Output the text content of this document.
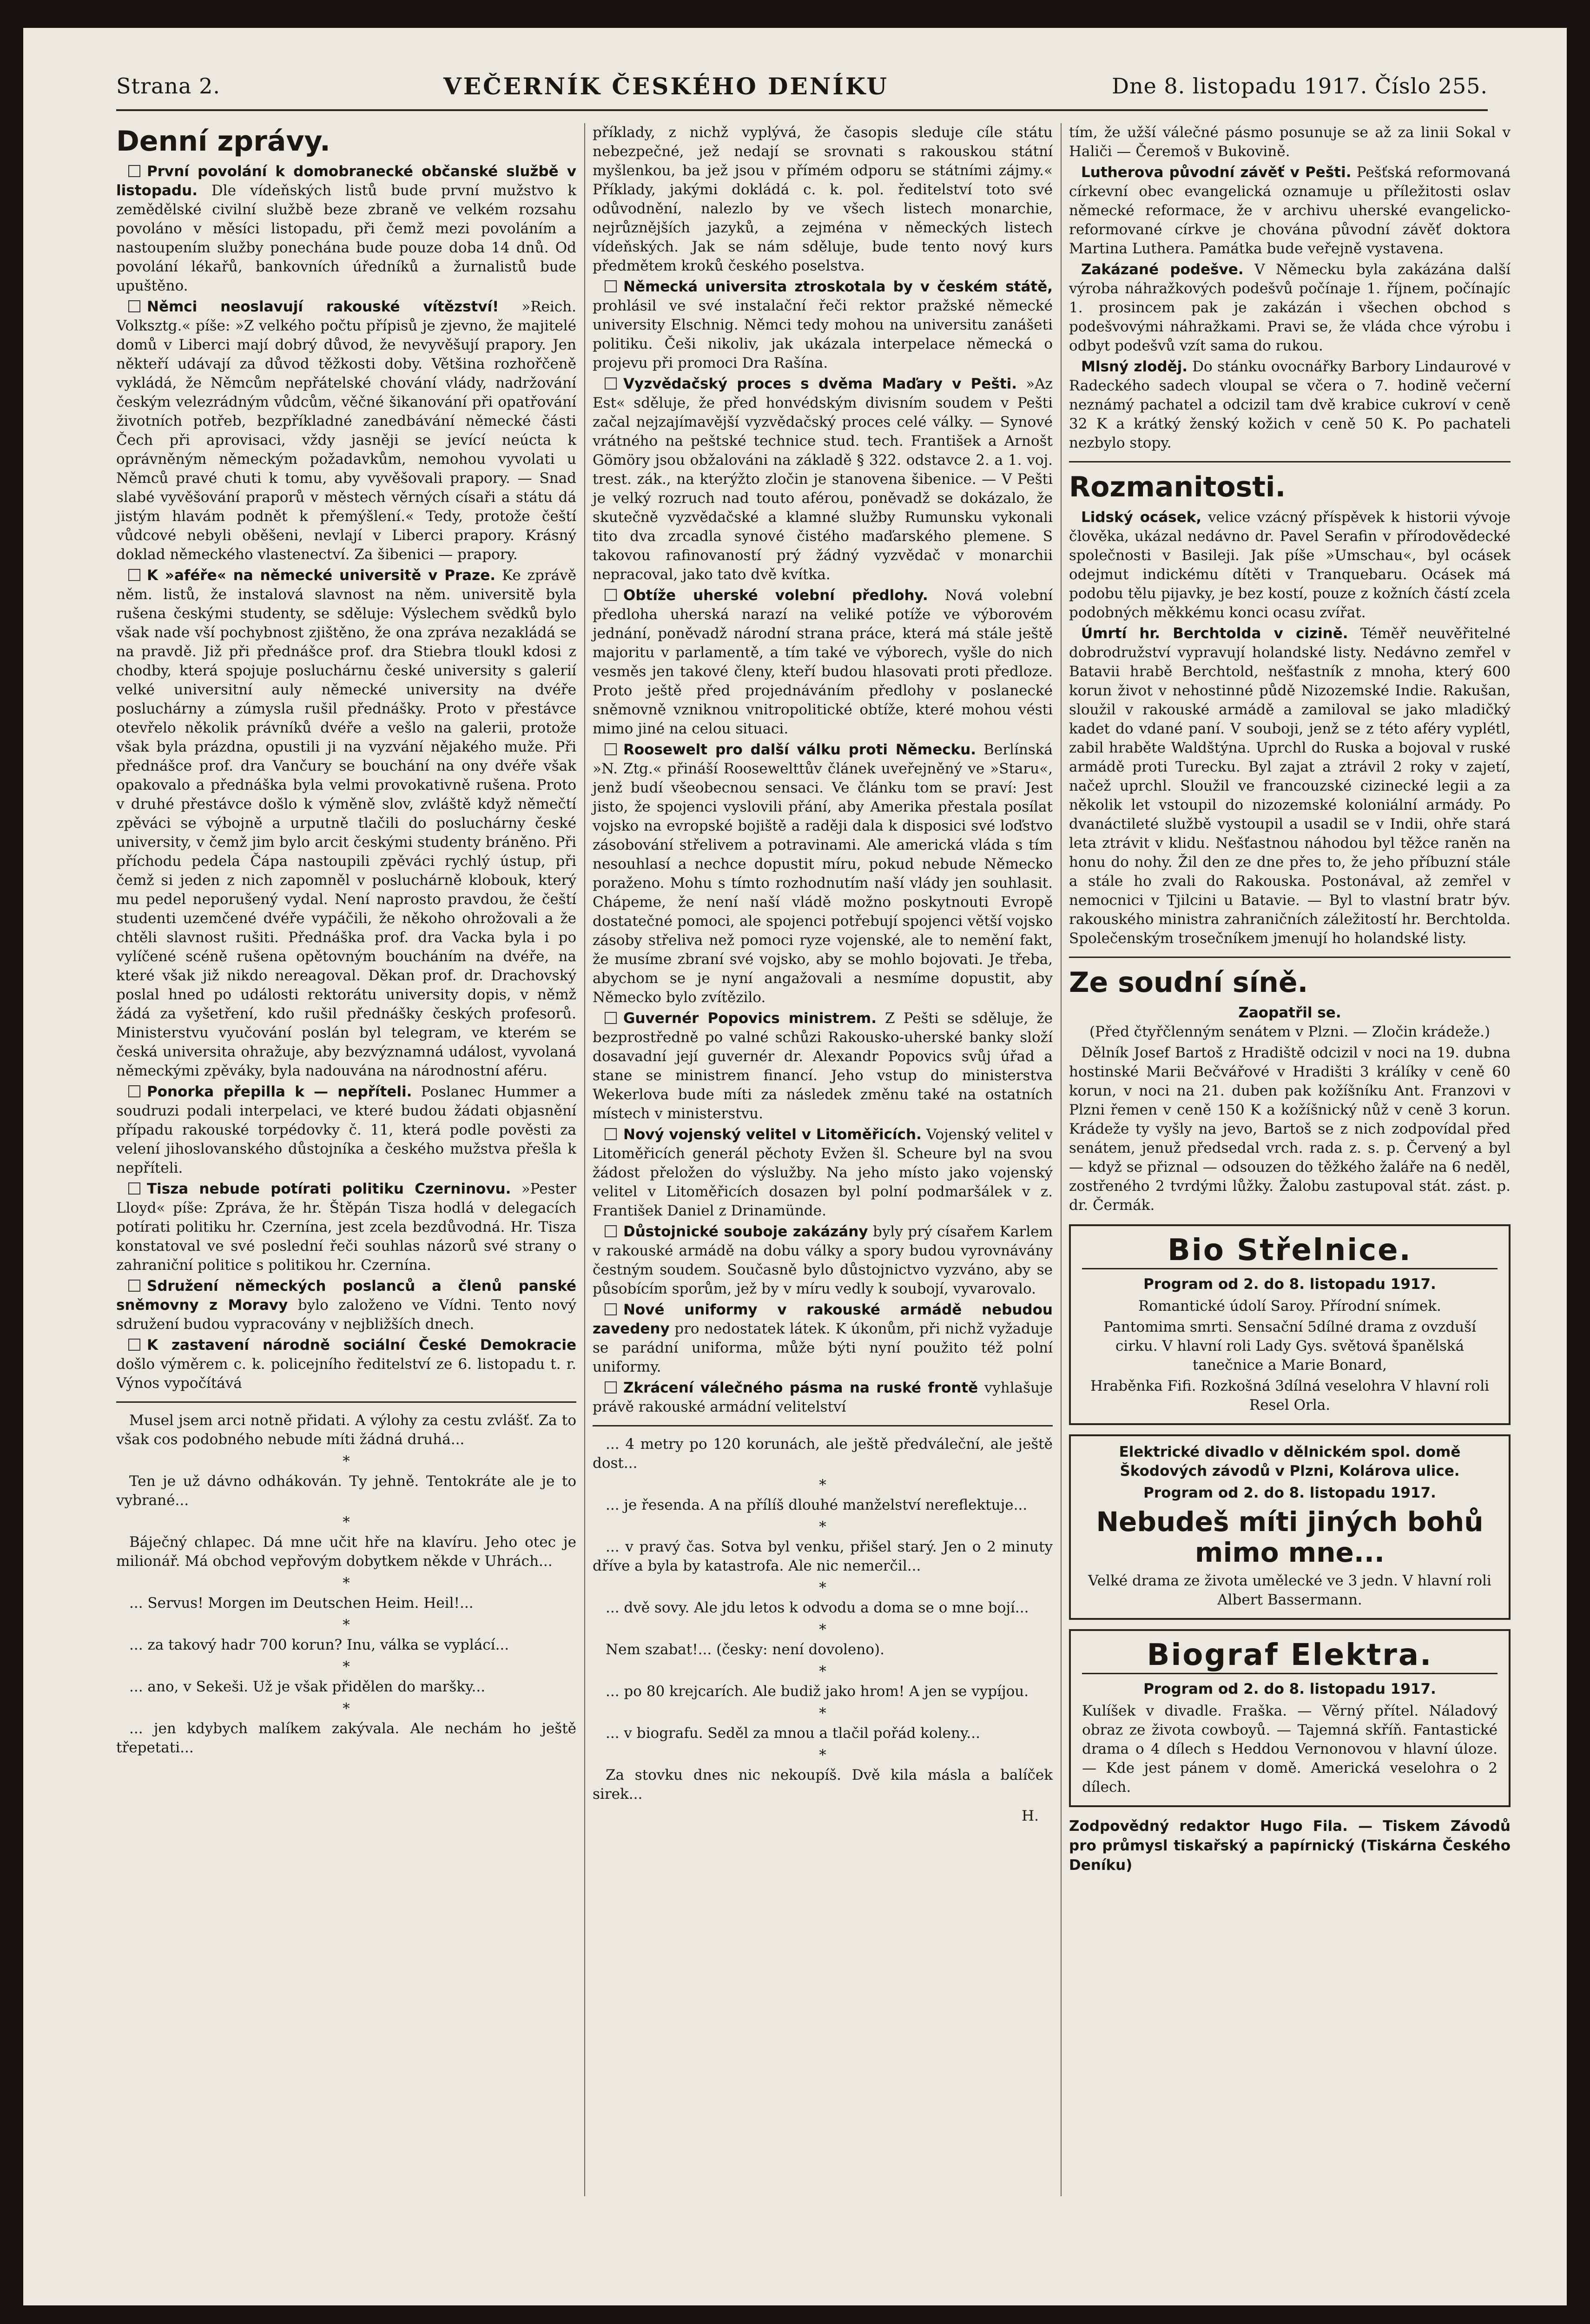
Strana 2.	VEČERNÍK ČESKÉHO DENÍKU	Dne 8. listopadu 1917. Číslo 255.
Denní zprávy.

První povolání k domobranecké občanské službě v listopadu. Dle vídeňských listů bude první mužstvo k zemědělské civilní službě beze zbraně ve velkém rozsahu povoláno v měsíci listopadu, při čemž mezi povoláním a nastoupením služby ponechána bude pouze doba 14 dnů. Od povolání lékařů, bankovních úředníků a žurnalistů bude upuštěno.

Němci neoslavují rakouské vítězství! »Reich. Volksztg.« píše: »Z velkého počtu přípisů je zjevno, že majitelé domů v Liberci mají dobrý důvod, že nevyvěšují prapory. Jen někteří udávají za důvod těžkosti doby. Většina rozhořčeně vykládá, že Němcům nepřátelské chování vlády, nadržování českým velezrádným vůdcům, věčné šikanování při opatřování životních potřeb, bezpříkladné zanedbávání německé části Čech při aprovisaci, vždy jasněji se jevící neúcta k oprávněným německým požadavkům, nemohou vyvolati u Němců pravé chuti k tomu, aby vyvěšovali prapory. — Snad slabé vyvěšování praporů v městech věrných císaři a státu dá jistým hlavám podnět k přemýšlení.« Tedy, protože čeští vůdcové nebyli oběšeni, nevlají v Liberci prapory. Krásný doklad německého vlastenectví. Za šibenici — prapory.

K »aféře« na německé universitě v Praze. Ke zprávě něm. listů, že instalová slavnost na něm. universitě byla rušena českými studenty, se sděluje: Výslechem svědků bylo však nade vší pochybnost zjištěno, že ona zpráva nezakládá se na pravdě. Již při přednášce prof. dra Stiebra tloukl kdosi z chodby, která spojuje posluchárnu české university s galerií velké universitní auly německé university na dvéře posluchárny a zúmysla rušil přednášky. Proto v přestávce otevřelo několik právníků dvéře a vešlo na galerii, protože však byla prázdna, opustili ji na vyzvání nějakého muže. Při přednášce prof. dra Vančury se bouchání na ony dvéře však opakovalo a přednáška byla velmi provokativně rušena. Proto v druhé přestávce došlo k výměně slov, zvláště když němečtí zpěváci se výbojně a urputně tlačili do posluchárny české university, v čemž jim bylo arcit českými studenty bráněno. Při příchodu pedela Čápa nastoupili zpěváci rychlý ústup, při čemž si jeden z nich zapomněl v posluchárně klobouk, který mu pedel neporušený vydal. Není naprosto pravdou, že čeští studenti uzemčené dvéře vypáčili, že někoho ohrožovali a že chtěli slavnost rušiti. Přednáška prof. dra Vacka byla i po vylíčené scéně rušena opětovným boucháním na dvéře, na které však již nikdo nereagoval. Děkan prof. dr. Drachovský poslal hned po události rektorátu university dopis, v němž žádá za vyšetření, kdo rušil přednášky českých profesorů. Ministerstvu vyučování poslán byl telegram, ve kterém se česká universita ohražuje, aby bezvýznamná událost, vyvolaná německými zpěváky, byla nadouvána na národnostní aféru.

Ponorka přepilla k — nepříteli. Poslanec Hummer a soudruzi podali interpelaci, ve které budou žádati objasnění případu rakouské torpédovky č. 11, která podle pověsti za velení jihoslovanského důstojníka a českého mužstva přešla k nepříteli.

Tisza nebude potírati politiku Czerninovu. »Pester Lloyd« píše: Zpráva, že hr. Štěpán Tisza hodlá v delegacích potírati politiku hr. Czernína, jest zcela bezdůvodná. Hr. Tisza konstatoval ve své poslední řeči souhlas názorů své strany o zahraniční politice s politikou hr. Czernína.

Sdružení německých poslanců a členů panské sněmovny z Moravy bylo založeno ve Vídni. Tento nový sdružení budou vypracovány v nejbližších dnech.

K zastavení národně sociální České Demokracie došlo výměrem c. k. policejního ředitelství ze 6. listopadu t. r. Výnos vypočítává

Musel jsem arci notně přidati. A výlohy za cestu zvlášť. Za to však cos podobného nebude míti žádná druhá...

*

Ten je už dávno odhákován. Ty jehně. Tentokráte ale je to vybrané...

*

Báječný chlapec. Dá mne učit hře na klavíru. Jeho otec je milionář. Má obchod vepřovým dobytkem někde v Uhrách...

*

... Servus! Morgen im Deutschen Heim. Heil!...

*

... za takový hadr 700 korun? Inu, válka se vyplácí...

*

... ano, v Sekeši. Už je však přidělen do maršky...

*

... jen kdybych malíkem zakývala. Ale nechám ho ještě třepetati...

příklady, z nichž vyplývá, že časopis sleduje cíle státu nebezpečné, jež nedají se srovnati s rakouskou státní myšlenkou, ba jež jsou v přímém odporu se státními zájmy.« Příklady, jakými dokládá c. k. pol. ředitelství toto své odůvodnění, nalezlo by ve všech listech monarchie, nejrůznějších jazyků, a zejména v německých listech vídeňských. Jak se nám sděluje, bude tento nový kurs předmětem kroků českého poselstva.

Německá universita ztroskotala by v českém státě, prohlásil ve své instalační řeči rektor pražské německé university Elschnig. Němci tedy mohou na universitu zanášeti politiku. Češi nikoliv, jak ukázala interpelace německá o projevu při promoci Dra Rašína.

Vyzvědačský proces s dvěma Maďary v Pešti. »Az Est« sděluje, že před honvédským divisním soudem v Pešti začal nejzajímavější vyzvědačský proces celé války. — Synové vrátného na peštské technice stud. tech. František a Arnošt Gömöry jsou obžalováni na základě § 322. odstavce 2. a 1. voj. trest. zák., na kterýžto zločin je stanovena šibenice. — V Pešti je velký rozruch nad touto aférou, poněvadž se dokázalo, že skutečně vyzvědačské a klamné služby Rumunsku vykonali tito dva zrcadla synové čistého maďarského plemene. S takovou rafinovaností prý žádný vyzvědač v monarchii nepracoval, jako tato dvě kvítka.

Obtíže uherské volební předlohy. Nová volební předloha uherská narazí na veliké potíže ve výborovém jednání, poněvadž národní strana práce, která má stále ještě majoritu v parlamentě, a tím také ve výborech, vyšle do nich vesměs jen takové členy, kteří budou hlasovati proti předloze. Proto ještě před projednáváním předlohy v poslanecké sněmovně vzniknou vnitropolitické obtíže, které mohou vésti mimo jiné na celou situaci.

Roosewelt pro další válku proti Německu. Berlínská »N. Ztg.« přináší Roosewelttův článek uveřejněný ve »Staru«, jenž budí všeobecnou sensaci. Ve článku tom se praví: Jest jisto, že spojenci vyslovili přání, aby Amerika přestala posílat vojsko na evropské bojiště a raději dala k disposici své loďstvo zásobování střelivem a potravinami. Ale americká vláda s tím nesouhlasí a nechce dopustit míru, pokud nebude Německo poraženo. Mohu s tímto rozhodnutím naší vlády jen souhlasit. Chápeme, že není naší vládě možno poskytnouti Evropě dostatečné pomoci, ale spojenci potřebují spojenci větší vojsko zásoby střeliva než pomoci ryze vojenské, ale to nemění fakt, že musíme zbraní své vojsko, aby se mohlo bojovati. Je třeba, abychom se je nyní angažovali a nesmíme dopustit, aby Německo bylo zvítězilo.

Guvernér Popovics ministrem. Z Pešti se sděluje, že bezprostředně po valné schůzi Rakousko-uherské banky složí dosavadní její guvernér dr. Alexandr Popovics svůj úřad a stane se ministrem financí. Jeho vstup do ministerstva Wekerlova bude míti za následek změnu také na ostatních místech v ministerstvu.

Nový vojenský velitel v Litoměřicích. Vojenský velitel v Litoměřicích generál pěchoty Evžen šl. Scheure byl na svou žádost přeložen do výslužby. Na jeho místo jako vojenský velitel v Litoměřicích dosazen byl polní podmaršálek v z. František Daniel z Drinamünde.

Důstojnické souboje zakázány byly prý císařem Karlem v rakouské armádě na dobu války a spory budou vyrovnávány čestným soudem. Současně bylo důstojnictvo vyzváno, aby se působícím sporům, jež by v míru vedly k soubojí, vyvarovalo.

Nové uniformy v rakouské armádě nebudou zavedeny pro nedostatek látek. K úkonům, při nichž vyžaduje se parádní uniforma, může býti nyní použito též polní uniformy.

Zkrácení válečného pásma na ruské frontě vyhlašuje právě rakouské armádní velitelství

... 4 metry po 120 korunách, ale ještě předváleční, ale ještě dost...

*

... je řesenda. A na přílíš dlouhé manželství nereflektuje...

*

... v pravý čas. Sotva byl venku, přišel starý. Jen o 2 minuty dříve a byla by katastrofa. Ale nic nemerčil...

*

... dvě sovy. Ale jdu letos k odvodu a doma se o mne bojí...

*

Nem szabat!... (česky: není dovoleno).

*

... po 80 krejcarích. Ale budiž jako hrom! A jen se vypíjou.

*

... v biografu. Seděl za mnou a tlačil pořád koleny...

*

Za stovku dnes nic nekoupíš. Dvě kila másla a balíček sirek...

H.

tím, že užší válečné pásmo posunuje se až za linii Sokal v Haliči — Čeremoš v Bukovině.

Lutherova původní závěť v Pešti. Pešťská reformovaná církevní obec evangelická oznamuje u příležitosti oslav německé reformace, že v archivu uherské evangelicko-reformované církve je chována původní závěť doktora Martina Luthera. Památka bude veřejně vystavena.

Zakázané podešve. V Německu byla zakázána další výroba náhražkových podešvů počínaje 1. říjnem, počínajíc 1. prosincem pak je zakázán i všechen obchod s podešvovými náhražkami. Pravi se, že vláda chce výrobu i odbyt podešvů vzít sama do rukou.

Mlsný zloděj. Do stánku ovocnářky Barbory Lindaurové v Radeckého sadech vloupal se včera o 7. hodině večerní neznámý pachatel a odcizil tam dvě krabice cukroví v ceně 32 K a krátký ženský kožich v ceně 50 K. Po pachateli nezbylo stopy.

Rozmanitosti.

Lidský ocásek, velice vzácný příspěvek k historii vývoje člověka, ukázal nedávno dr. Pavel Serafin v přírodovědecké společnosti v Basileji. Jak píše »Umschau«, byl ocásek odejmut indickému dítěti v Tranquebaru. Ocásek má podobu tělu pijavky, je bez kostí, pouze z kožních částí zcela podobných měkkému konci ocasu zvířat.

Úmrtí hr. Berchtolda v cizině. Téměř neuvěřitelné dobrodružství vypravují holandské listy. Nedávno zemřel v Batavii hrabě Berchtold, nešťastník z mnoha, který 600 korun život v nehostinné půdě Nizozemské Indie. Rakušan, sloužil v rakouské armádě a zamiloval se jako mladičký kadet do vdané paní. V souboji, jenž se z této aféry vyplétl, zabil hraběte Waldštýna. Uprchl do Ruska a bojoval v ruské armádě proti Turecku. Byl zajat a ztrávil 2 roky v zajetí, načež uprchl. Sloužil ve francouzské cizinecké legii a za několik let vstoupil do nizozemské koloniální armády. Po dvanáctileté službě vystoupil a usadil se v Indii, ohře stará leta ztrávit v klidu. Nešťastnou náhodou byl těžce raněn na honu do nohy. Žil den ze dne přes to, že jeho příbuzní stále a stále ho zvali do Rakouska. Postonával, až zemřel v nemocnici v Tjilcini u Batavie. — Byl to vlastní bratr býv. rakouského ministra zahraničních záležitostí hr. Berchtolda. Společenským trosečníkem jmenují ho holandské listy.

Ze soudní síně.
Zaopatřil se.

(Před čtyřčlenným senátem v Plzni. — Zločin krádeže.)

Dělník Josef Bartoš z Hradiště odcizil v noci na 19. dubna hostinské Marii Bečvářové v Hradišti 3 králíky v ceně 60 korun, v noci na 21. duben pak kožíšníku Ant. Franzovi v Plzni řemen v ceně 150 K a kožíšnický nůž v ceně 3 korun. Krádeže ty vyšly na jevo, Bartoš se z nich zodpovídal před senátem, jenuž předsedal vrch. rada z. s. p. Červený a byl — když se přiznal — odsouzen do těžkého žaláře na 6 neděl, zostřeného 2 tvrdými lůžky. Žalobu zastupoval stát. zást. p. dr. Čermák.

Bio Střelnice.
Program od 2. do 8. listopadu 1917.

Romantické údolí Saroy. Přírodní snímek.

Pantomima smrti. Sensační 5dílné drama z ovzduší cirku. V hlavní roli Lady Gys. světová španělská tanečnice a Marie Bonard,

Hraběnka Fifi. Rozkošná 3dílná veselohra V hlavní roli Resel Orla.

Elektrické divadlo v dělnickém spol. domě Škodových závodů v Plzni, Kolárova ulice.

Program od 2. do 8. listopadu 1917.
Nebudeš míti jiných bohů mimo mne...

Velké drama ze života umělecké ve 3 jedn. V hlavní roli Albert Bassermann.

Biograf Elektra.
Program od 2. do 8. listopadu 1917.

Kulíšek v divadle. Fraška. — Věrný přítel. Náladový obraz ze života cowboyů. — Tajemná skříň. Fantastické drama o 4 dílech s Heddou Vernonovou v hlavní úloze. — Kde jest pánem v domě. Americká veselohra o 2 dílech.

Zodpovědný redaktor Hugo Fila. — Tiskem Závodů pro průmysl tiskařský a papírnický (Tiskárna Českého Deníku)
